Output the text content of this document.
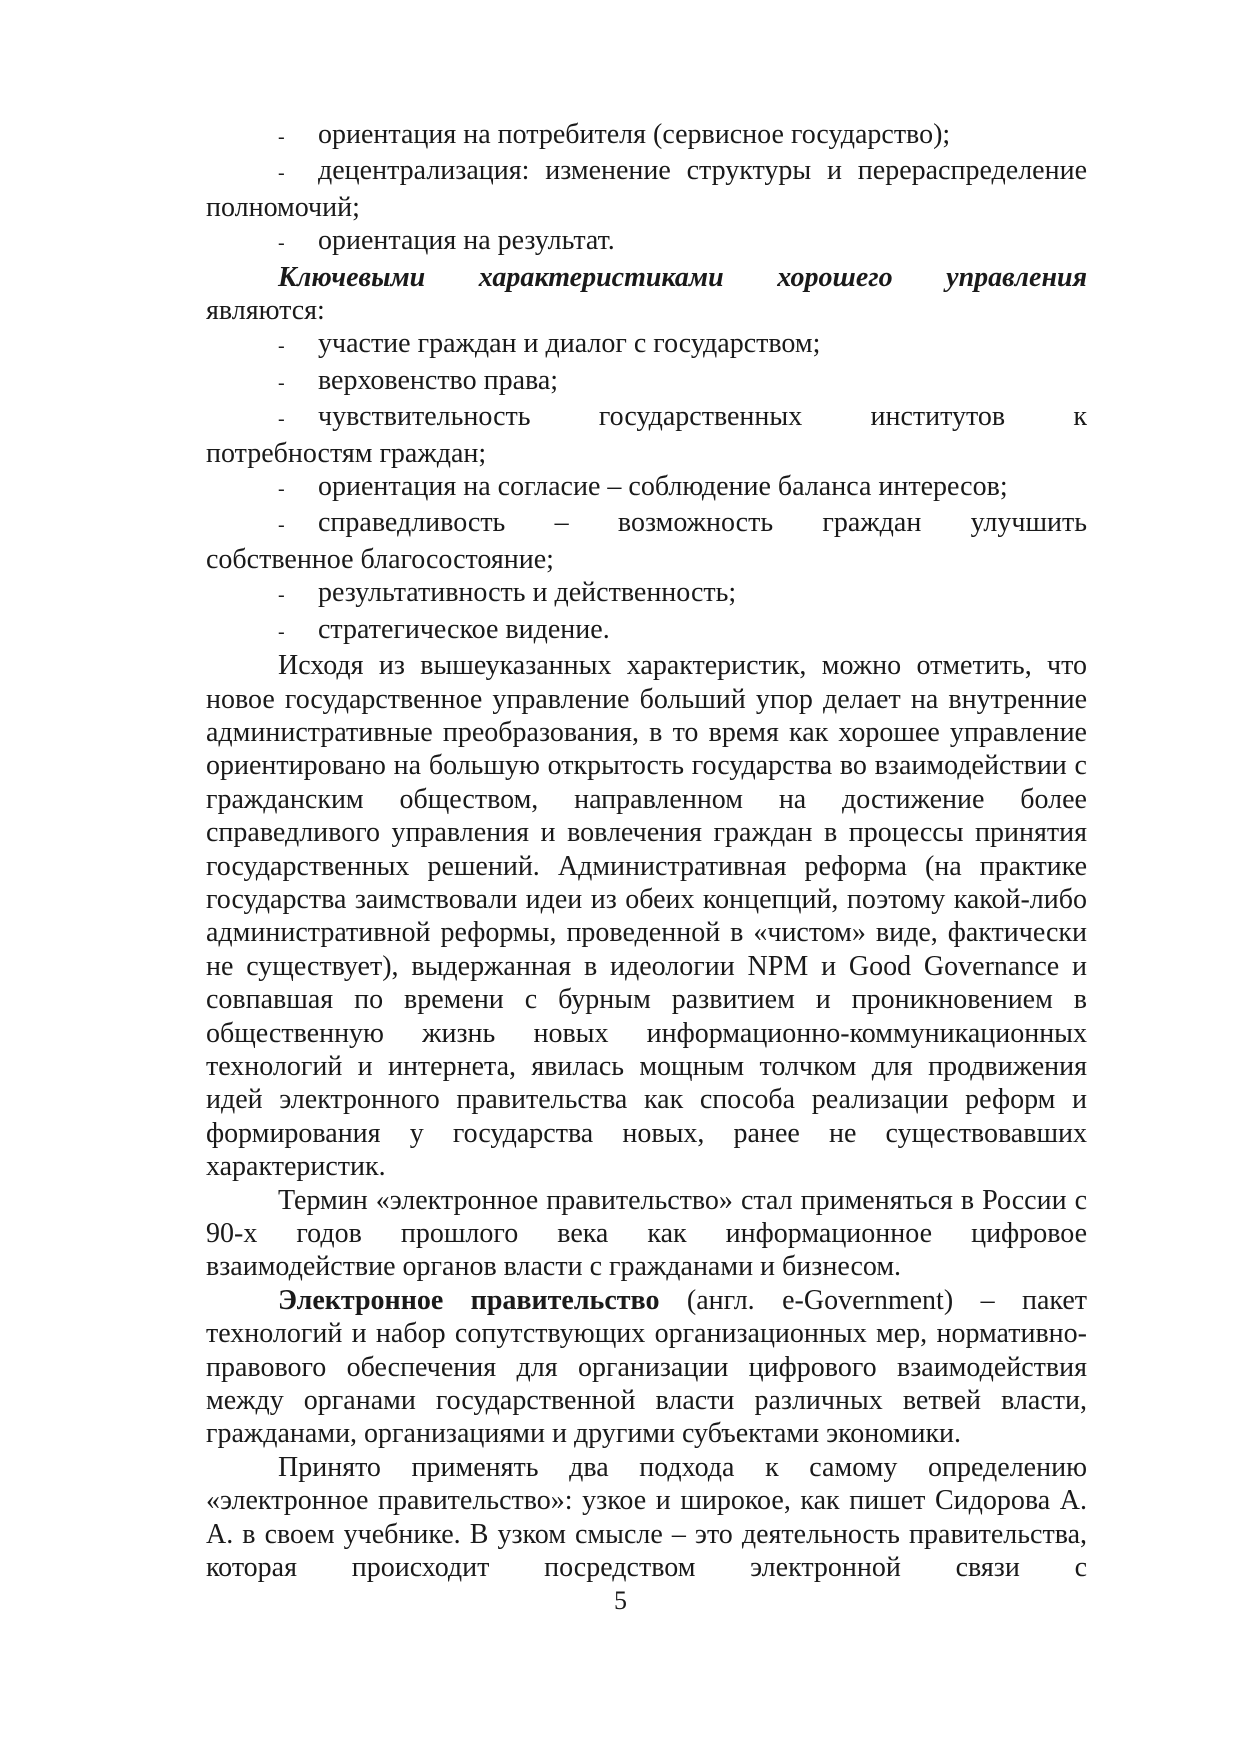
-	ориентация на потребителя (сервисное государство);
-	децентрализация: изменение структуры и перераспределение
полномочий;
-	ориентация на результат.
Ключевыми характеристиками хорошего управления
являются:
-	участие граждан и диалог с государством;
-	верховенство права;
-	чувствительность государственных институтов к
потребностям граждан;
-	ориентация на согласие – соблюдение баланса интересов;
-	справедливость – возможность граждан улучшить
собственное благосостояние;
-	результативность и действенность;
-	стратегическое видение.

Исходя из вышеуказанных характеристик, можно отметить, что новое государственное управление больший упор делает на внутренние административные преобразования, в то время как хорошее управление ориентировано на большую открытость государства во взаимодействии с гражданским обществом, направленном на достижение более справедливого управления и вовлечения граждан в процессы принятия государственных решений. Административная реформа (на практике государства заимствовали идеи из обеих концепций, поэтому какой-либо административной реформы, проведенной в «чистом» виде, фактически не существует), выдержанная в идеологии NPM и Good Governance и совпавшая по времени с бурным развитием и проникновением в общественную жизнь новых информационно-коммуникационных технологий и интернета, явилась мощным толчком для продвижения идей электронного правительства как способа реализации реформ и формирования у государства новых, ранее не существовавших характеристик.

Термин «электронное правительство» стал применяться в России с 90-х годов прошлого века как информационное цифровое взаимодействие органов власти с гражданами и бизнесом.

Электронное правительство (англ. e-Government) – пакет технологий и набор сопутствующих организационных мер, нормативно-правового обеспечения для организации цифрового взаимодействия между органами государственной власти различных ветвей власти, гражданами, организациями и другими субъектами экономики.

Принято применять два подхода к самому определению «электронное правительство»: узкое и широкое, как пишет Сидорова А. А. в своем учебнике. В узком смысле – это деятельность правительства, которая происходит посредством электронной связи с

5
